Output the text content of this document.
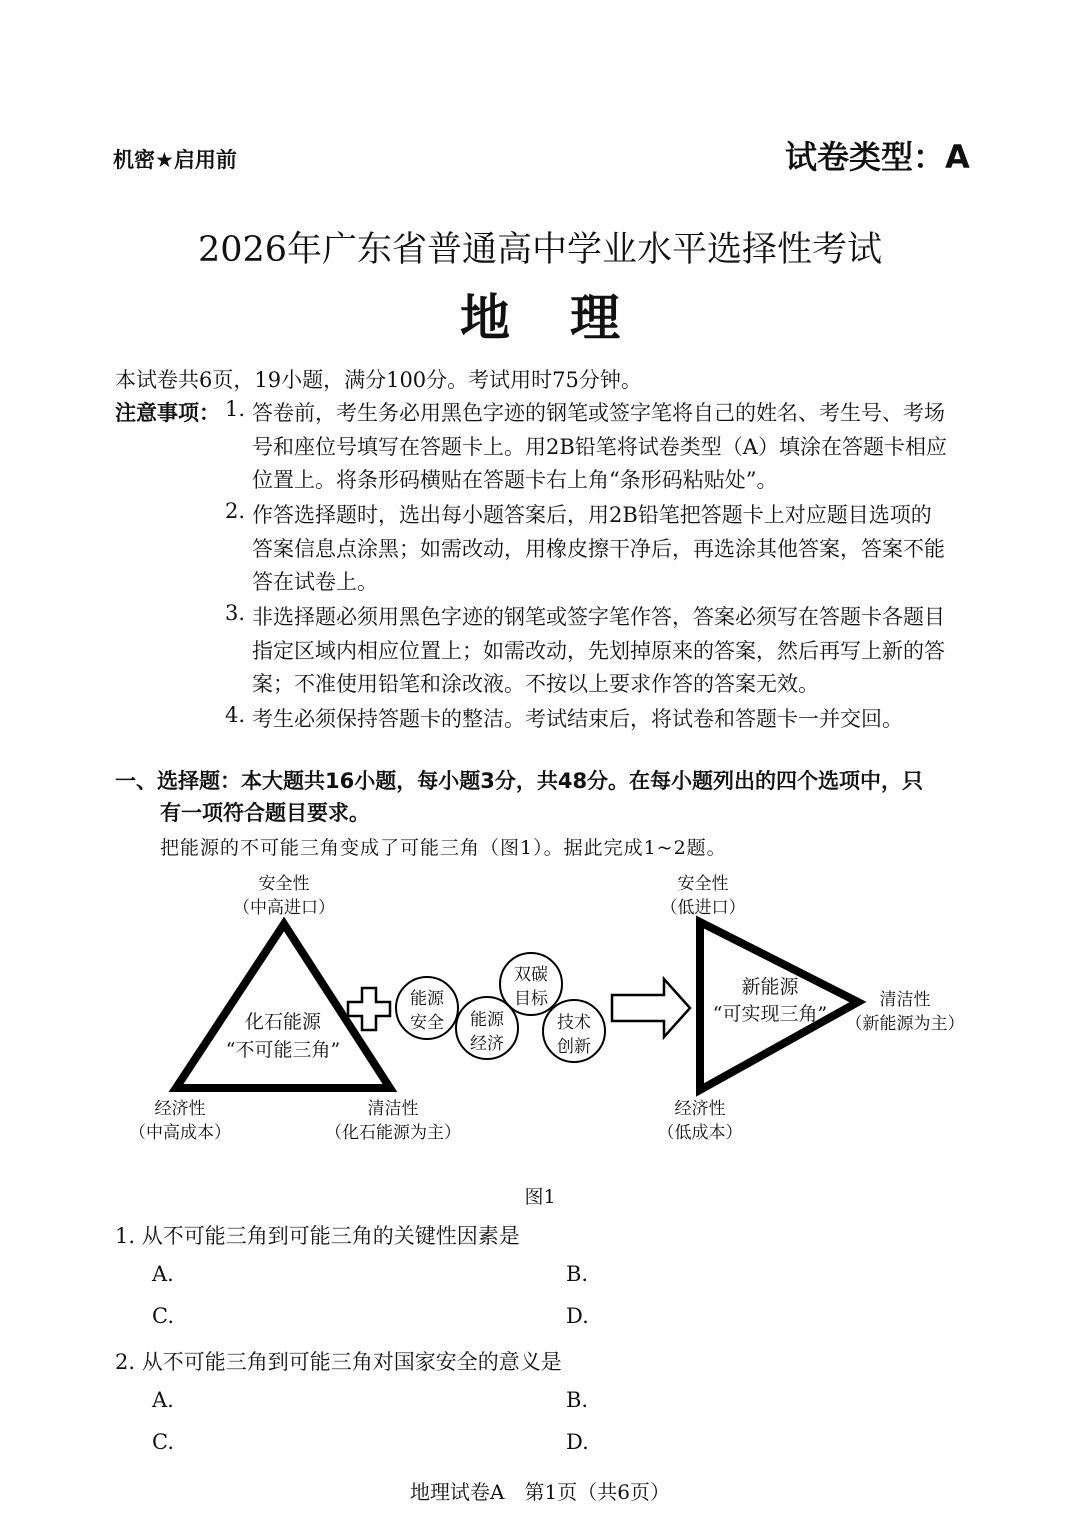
机密★启用前	试卷类型：A
2026年广东省普通高中学业水平选择性考试
地理
本试卷共6页，19小题，满分100分。考试用时75分钟。
注意事项： 1. 答卷前，考生务必用黑色字迹的钢笔或签字笔将自己的姓名、考生号、考场
号和座位号填写在答题卡上。用2B铅笔将试卷类型（A）填涂在答题卡相应
位置上。将条形码横贴在答题卡右上角“条形码粘贴处”。
2. 作答选择题时，选出每小题答案后，用2B铅笔把答题卡上对应题目选项的
答案信息点涂黑；如需改动，用橡皮擦干净后，再选涂其他答案，答案不能
答在试卷上。
3. 非选择题必须用黑色字迹的钢笔或签字笔作答，答案必须写在答题卡各题目
指定区域内相应位置上；如需改动，先划掉原来的答案，然后再写上新的答
案；不准使用铅笔和涂改液。不按以上要求作答的答案无效。
4. 考生必须保持答题卡的整洁。考试结束后，将试卷和答题卡一并交回。
一、选择题：本大题共16小题，每小题3分，共48分。在每小题列出的四个选项中，只
有一项符合题目要求。
把能源的不可能三角变成了可能三角（图1）。据此完成1~2题。
安全性
（中高进口）
化石能源
“不可能三角”
经济性
（中高成本）
清洁性
（化石能源为主）
能源
安全
双碳
目标
能源
经济
技术
创新
安全性
（低进口）
新能源
“可实现三角”
清洁性
（新能源为主）
经济性
（低成本）
图1
1. 从不可能三角到可能三角的关键性因素是
A.	B.
C.	D.
2. 从不可能三角到可能三角对国家安全的意义是
A.	B.
C.	D.
地理试卷A　第1页（共6页）
